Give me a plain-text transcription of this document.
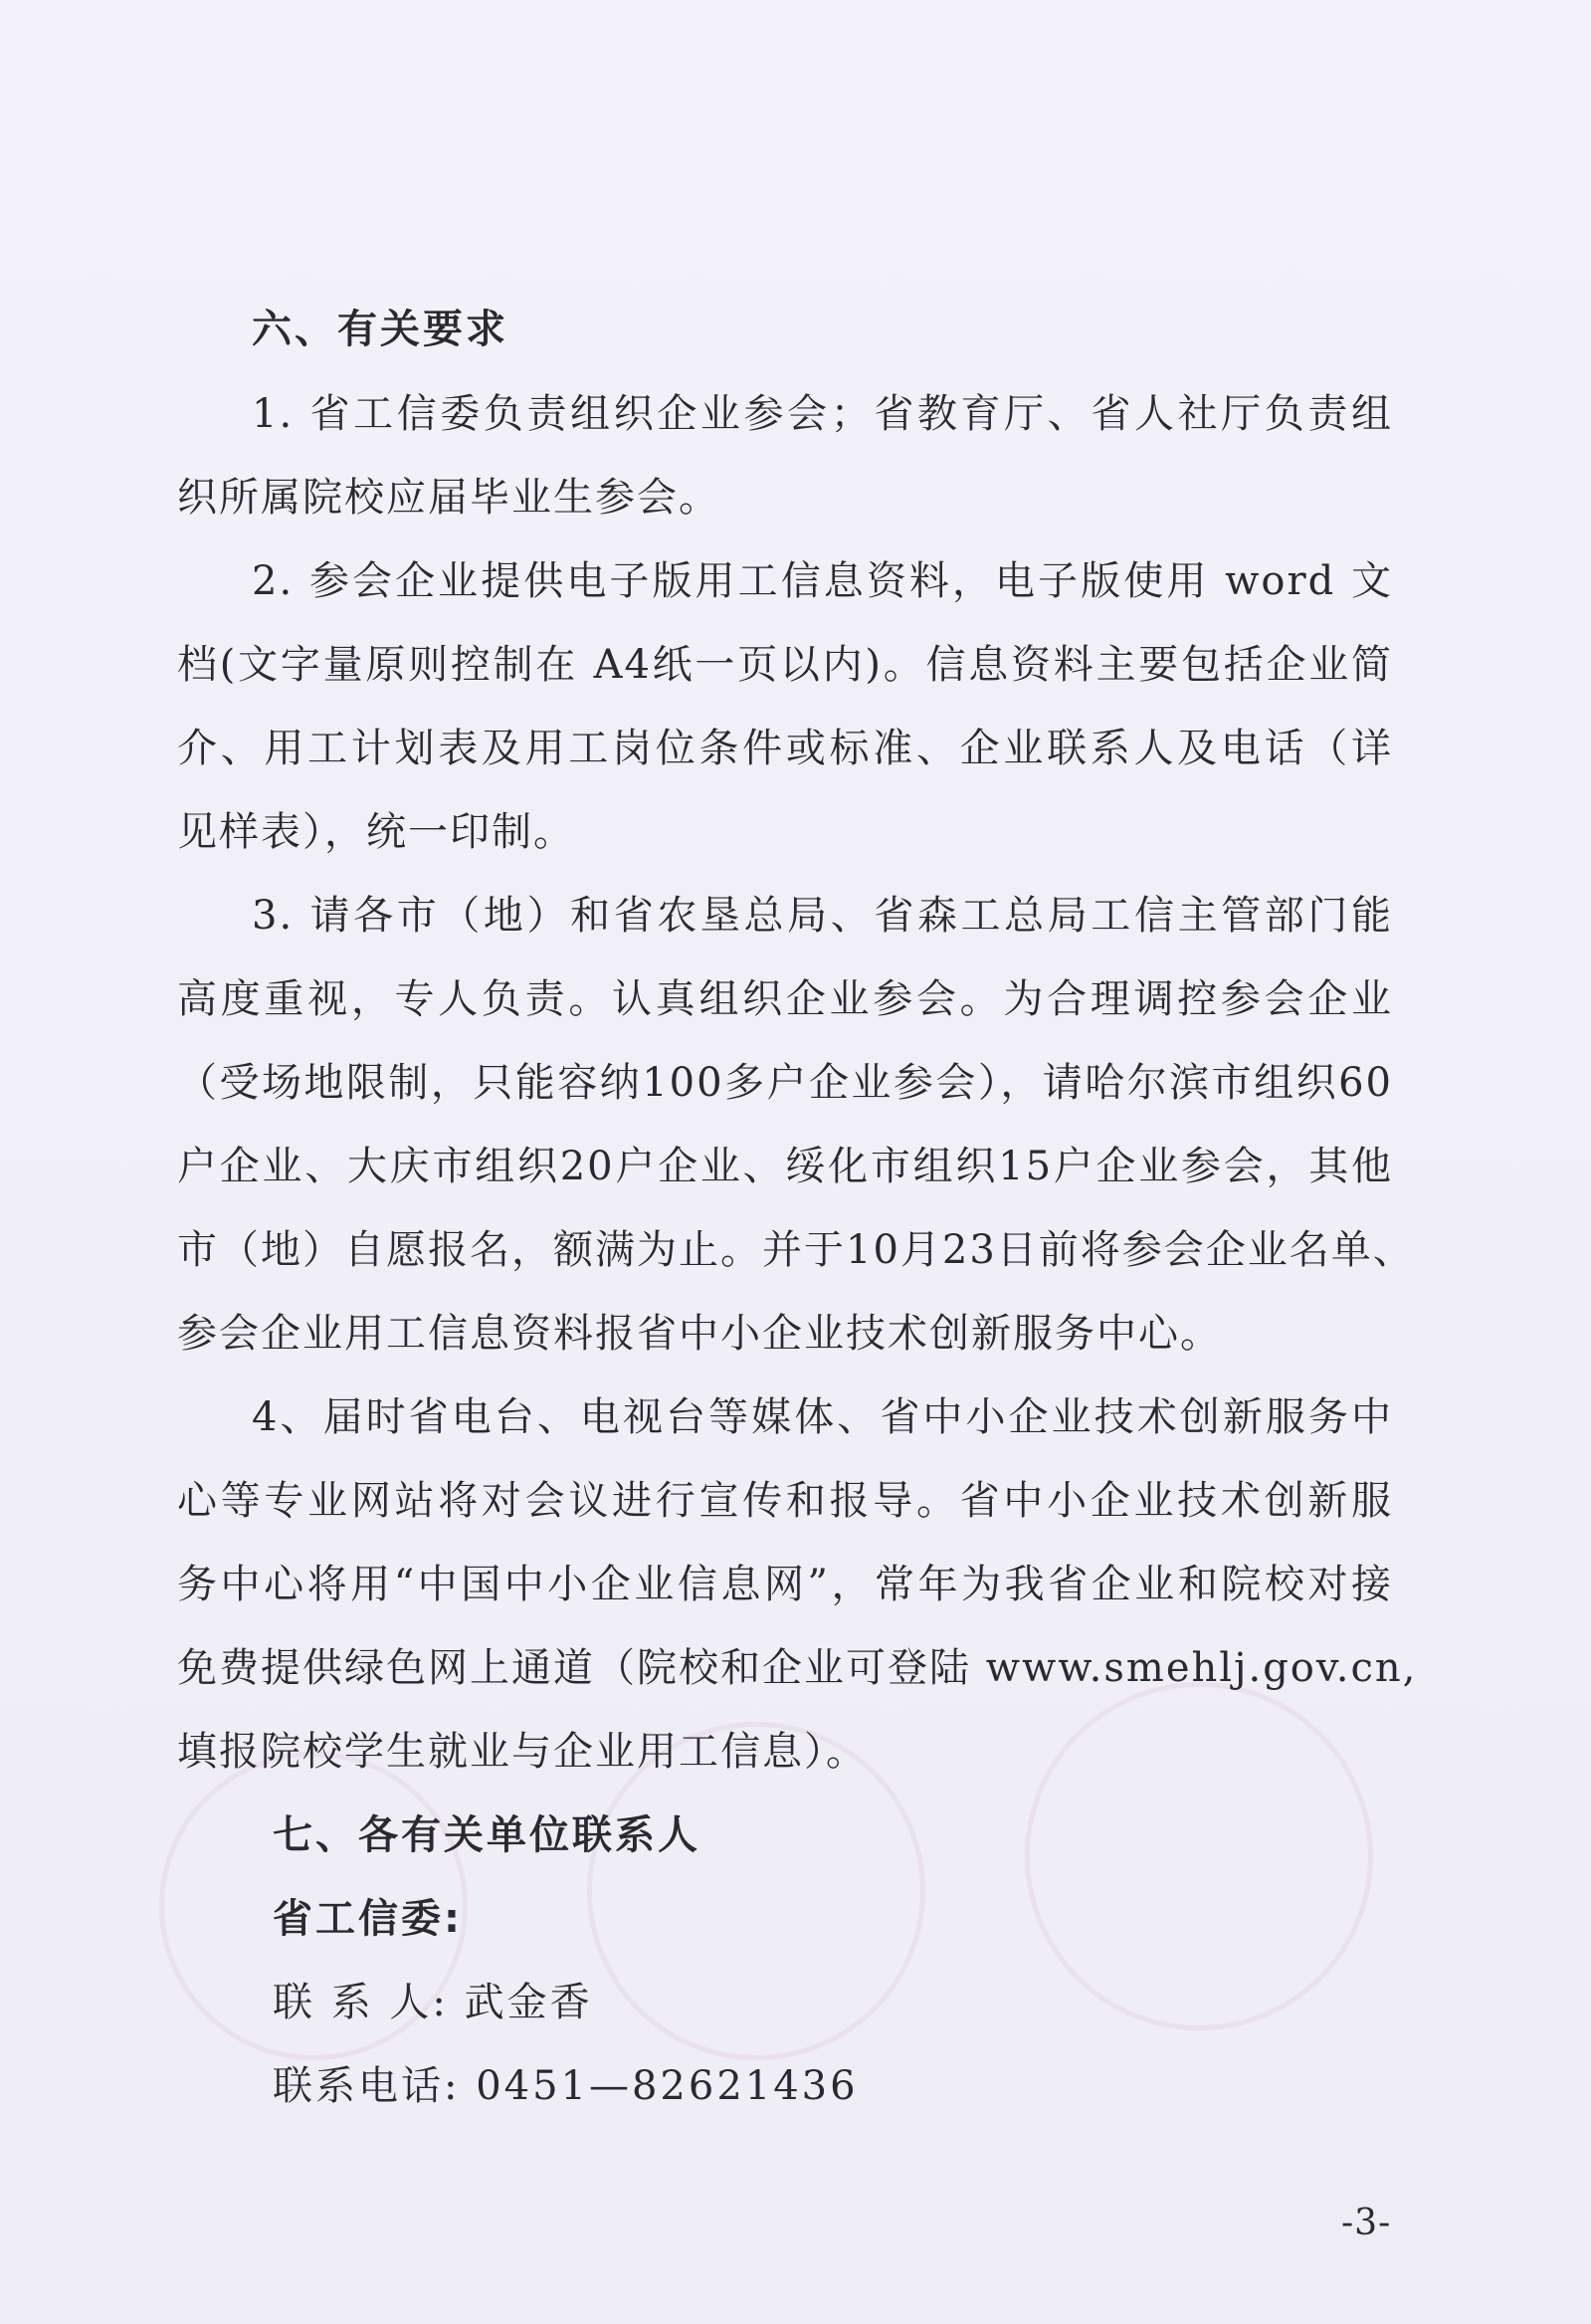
六、有关要求
1. 省工信委负责组织企业参会；省教育厅、省人社厅负责组
织所属院校应届毕业生参会。
2. 参会企业提供电子版用工信息资料，电子版使用 word 文
档(文字量原则控制在 A4纸一页以内)。信息资料主要包括企业简
介、用工计划表及用工岗位条件或标准、企业联系人及电话（详
见样表），统一印制。
3. 请各市（地）和省农垦总局、省森工总局工信主管部门能
高度重视，专人负责。认真组织企业参会。为合理调控参会企业
（受场地限制，只能容纳100多户企业参会），请哈尔滨市组织60
户企业、大庆市组织20户企业、绥化市组织15户企业参会，其他
市（地）自愿报名，额满为止。并于10月23日前将参会企业名单、
参会企业用工信息资料报省中小企业技术创新服务中心。
4、届时省电台、电视台等媒体、省中小企业技术创新服务中
心等专业网站将对会议进行宣传和报导。省中小企业技术创新服
务中心将用“中国中小企业信息网”，常年为我省企业和院校对接
免费提供绿色网上通道（院校和企业可登陆 www.smehlj.gov.cn,
填报院校学生就业与企业用工信息）。
七、各有关单位联系人
省工信委:
联 系 人: 武金香
联系电话: 0451—82621436
-3-
